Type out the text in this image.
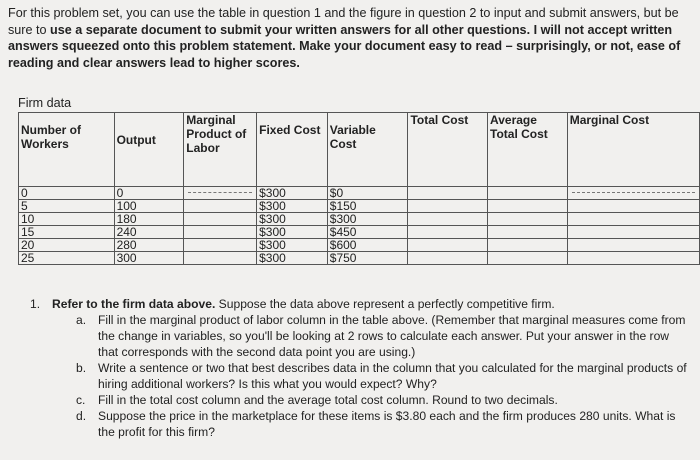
For this problem set, you can use the table in question 1 and the figure in question 2 to input and submit answers, but be sure to use a separate document to submit your written answers for all other questions. I will not accept written answers squeezed onto this problem statement. Make your document easy to read – surprisingly, or not, ease of reading and clear answers lead to higher scores.
Firm data
Number of Workers	Output	Marginal Product of Labor	Fixed Cost	Variable Cost	Total Cost	Average Total Cost	Marginal Cost
0	0		$300	$0			

5	100		$300	$150			
10	180		$300	$300			
15	240		$300	$450			
20	280		$300	$600			
25	300		$300	$750			
1. Refer to the firm data above. Suppose the data above represent a perfectly competitive firm.
a. Fill in the marginal product of labor column in the table above. (Remember that marginal measures come from the change in variables, so you'll be looking at 2 rows to calculate each answer. Put your answer in the row that corresponds with the second data point you are using.)
b. Write a sentence or two that best describes data in the column that you calculated for the marginal products of hiring additional workers? Is this what you would expect? Why?
c.	Fill in the total cost column and the average total cost column. Round to two decimals.
d. Suppose the price in the marketplace for these items is $3.80 each and the firm produces 280 units. What is the profit for this firm?
